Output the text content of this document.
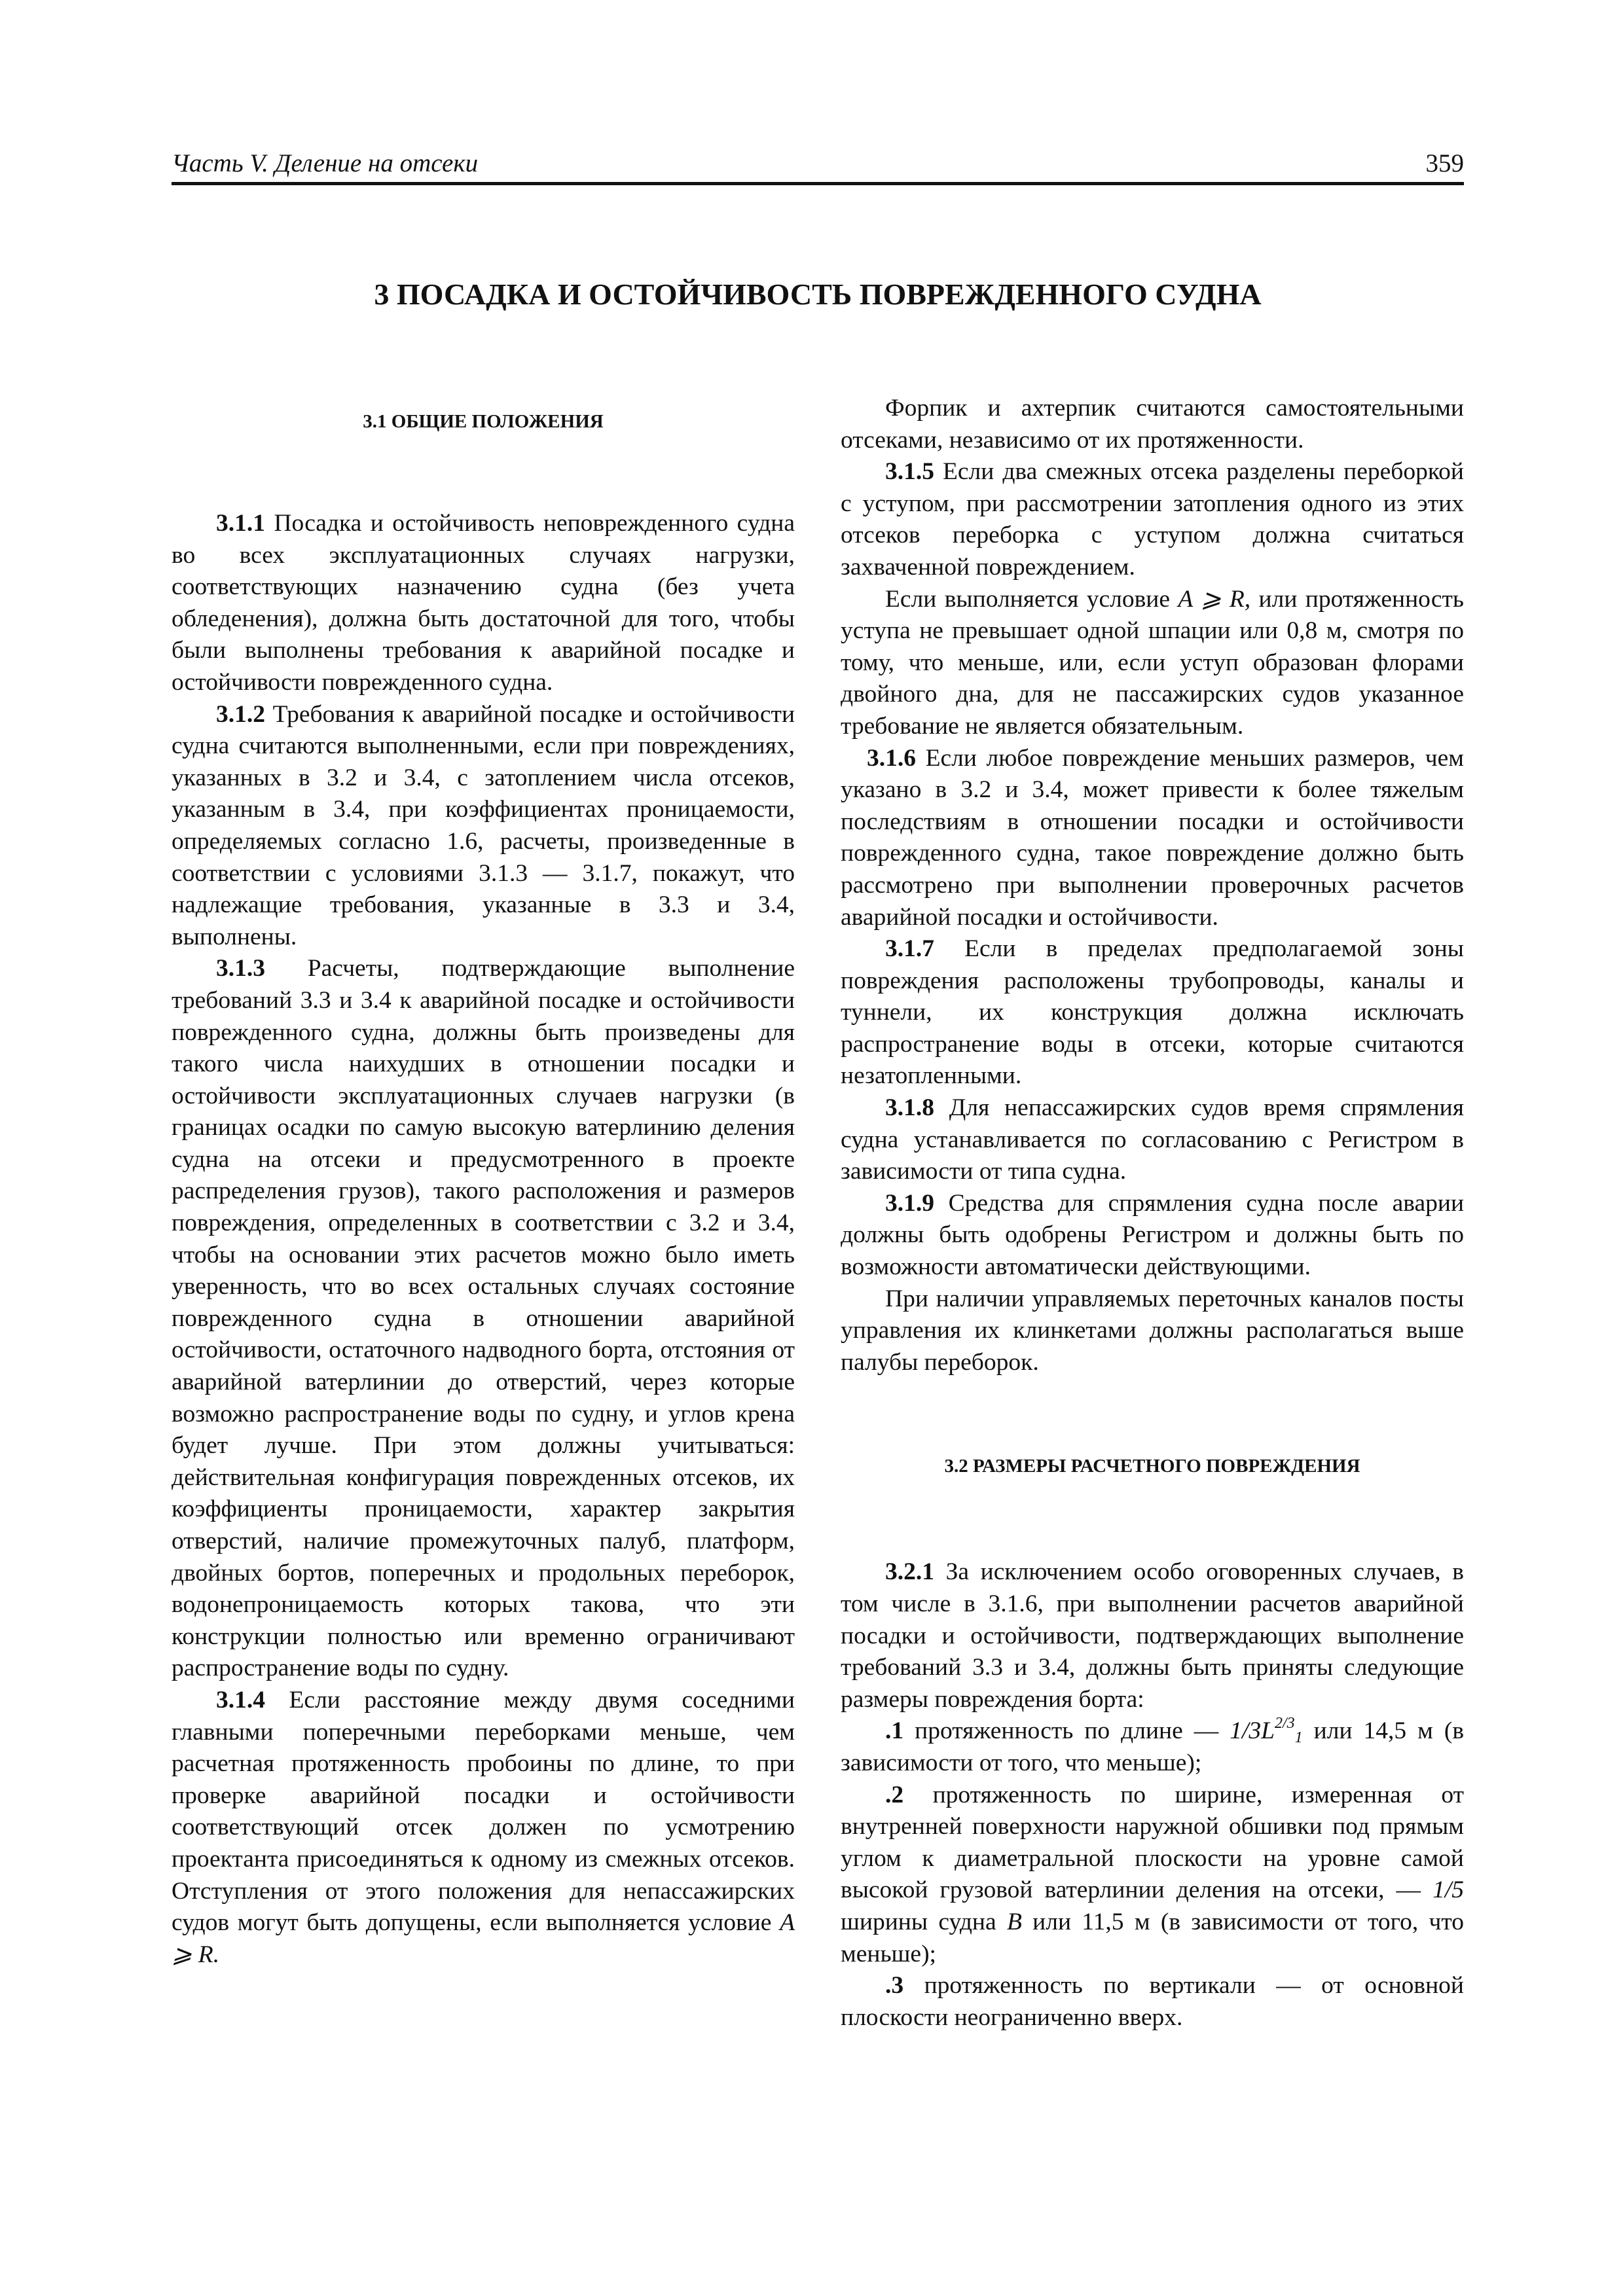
Часть V. Деление на отсеки	359
3 ПОСАДКА И ОСТОЙЧИВОСТЬ ПОВРЕЖДЕННОГО СУДНА
3.1 ОБЩИЕ ПОЛОЖЕНИЯ

3.1.1 Посадка и остойчивость неповрежденного судна во всех эксплуатационных случаях нагрузки, соответствующих назначению судна (без учета обледенения), должна быть достаточной для того, чтобы были выполнены требования к аварийной посадке и остойчивости поврежденного судна.

3.1.2 Требования к аварийной посадке и остойчивости судна считаются выполненными, если при повреждениях, указанных в 3.2 и 3.4, с затоплением числа отсеков, указанным в 3.4, при коэффициентах проницаемости, определяемых согласно 1.6, расчеты, произведенные в соответствии с условиями 3.1.3 — 3.1.7, покажут, что надлежащие требования, указанные в 3.3 и 3.4, выполнены.

3.1.3 Расчеты, подтверждающие выполнение требований 3.3 и 3.4 к аварийной посадке и остойчивости поврежденного судна, должны быть произведены для такого числа наихудших в отношении посадки и остойчивости эксплуатационных случаев нагрузки (в границах осадки по самую высокую ватерлинию деления судна на отсеки и предусмотренного в проекте распределения грузов), такого расположения и размеров повреждения, определенных в соответствии с 3.2 и 3.4, чтобы на основании этих расчетов можно было иметь уверенность, что во всех остальных случаях состояние поврежденного судна в отношении аварийной остойчивости, остаточного надводного борта, отстояния от аварийной ватерлинии до отверстий, через которые возможно распространение воды по судну, и углов крена будет лучше. При этом должны учитываться: действительная конфигурация поврежденных отсеков, их коэффициенты проницаемости, характер закрытия отверстий, наличие промежуточных палуб, платформ, двойных бортов, поперечных и продольных переборок, водонепроницаемость которых такова, что эти конструкции полностью или временно ограничивают распространение воды по судну.

3.1.4 Если расстояние между двумя соседними главными поперечными переборками меньше, чем расчетная протяженность пробоины по длине, то при проверке аварийной посадки и остойчивости соответствующий отсек должен по усмотрению проектанта присоединяться к одному из смежных отсеков. Отступления от этого положения для непассажирских судов могут быть допущены, если выполняется условие A ⩾ R.

Форпик и ахтерпик считаются самостоятельными отсеками, независимо от их протяженности.

3.1.5 Если два смежных отсека разделены переборкой с уступом, при рассмотрении затопления одного из этих отсеков переборка с уступом должна считаться захваченной повреждением.

Если выполняется условие A ⩾ R, или протяженность уступа не превышает одной шпации или 0,8 м, смотря по тому, что меньше, или, если уступ образован флорами двойного дна, для не пассажирских судов указанное требование не является обязательным.

3.1.6 Если любое повреждение меньших размеров, чем указано в 3.2 и 3.4, может привести к более тяжелым последствиям в отношении посадки и остойчивости поврежденного судна, такое повреждение должно быть рассмотрено при выполнении проверочных расчетов аварийной посадки и остойчивости.

3.1.7 Если в пределах предполагаемой зоны повреждения расположены трубопроводы, каналы и туннели, их конструкция должна исключать распространение воды в отсеки, которые считаются незатопленными.

3.1.8 Для непассажирских судов время спрямления судна устанавливается по согласованию с Регистром в зависимости от типа судна.

3.1.9 Средства для спрямления судна после аварии должны быть одобрены Регистром и должны быть по возможности автоматически действующими.

При наличии управляемых переточных каналов посты управления их клинкетами должны располагаться выше палубы переборок.

3.2 РАЗМЕРЫ РАСЧЕТНОГО ПОВРЕЖДЕНИЯ

3.2.1 За исключением особо оговоренных случаев, в том числе в 3.1.6, при выполнении расчетов аварийной посадки и остойчивости, подтверждающих выполнение требований 3.3 и 3.4, должны быть приняты следующие размеры повреждения борта:

.1 протяженность по длине — $1/3L^{2/3}_1$ или 14,5 м (в зависимости от того, что меньше);

.2 протяженность по ширине, измеренная от внутренней поверхности наружной обшивки под прямым углом к диаметральной плоскости на уровне самой высокой грузовой ватерлинии деления на отсеки, — 1/5 ширины судна B или 11,5 м (в зависимости от того, что меньше);

.3 протяженность по вертикали — от основной плоскости неограниченно вверх.
